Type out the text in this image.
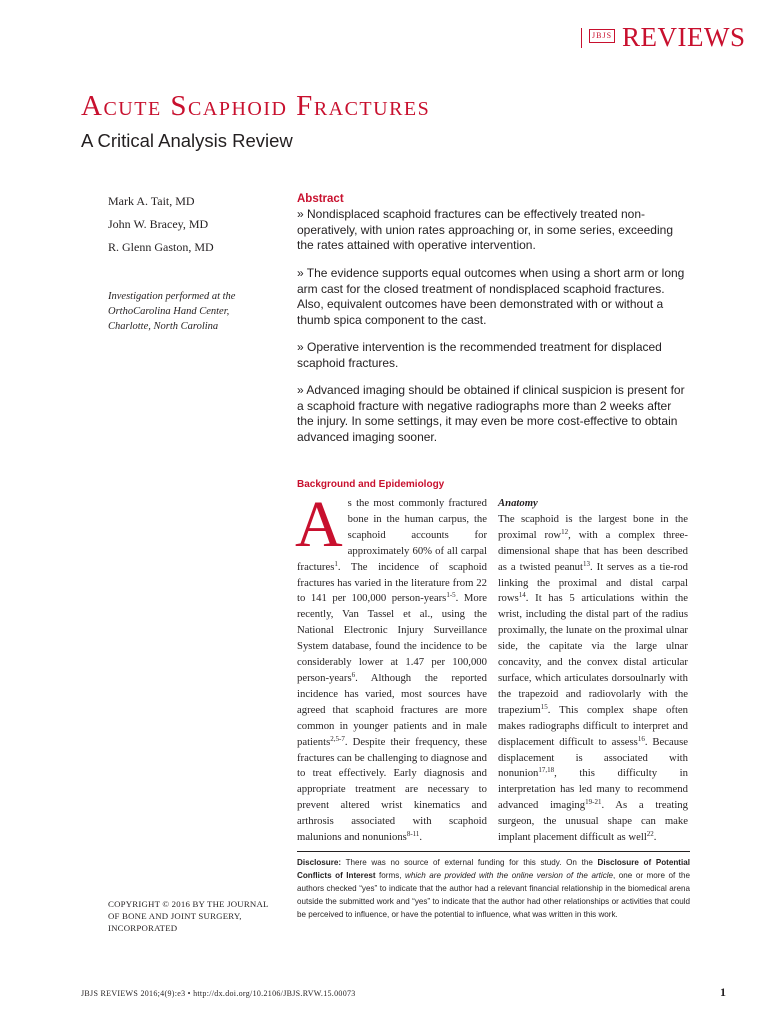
JBJS REVIEWS
Acute Scaphoid Fractures
A Critical Analysis Review
Mark A. Tait, MD
John W. Bracey, MD
R. Glenn Gaston, MD
Investigation performed at the OrthoCarolina Hand Center, Charlotte, North Carolina
Abstract

» Nondisplaced scaphoid fractures can be effectively treated non-operatively, with union rates approaching or, in some series, exceeding the rates attained with operative intervention.

» The evidence supports equal outcomes when using a short arm or long arm cast for the closed treatment of nondisplaced scaphoid fractures. Also, equivalent outcomes have been demonstrated with or without a thumb spica component to the cast.

» Operative intervention is the recommended treatment for displaced scaphoid fractures.

» Advanced imaging should be obtained if clinical suspicion is present for a scaphoid fracture with negative radiographs more than 2 weeks after the injury. In some settings, it may even be more cost-effective to obtain advanced imaging sooner.

Background and Epidemiology
A s the most commonly fractured bone in the human carpus, the scaphoid accounts for approximately 60% of all carpal fractures$^1$. The incidence of scaphoid fractures has varied in the literature from 22 to 141 per 100,000 person-years$^{1-5}$. More recently, Van Tassel et al., using the National Electronic Injury Surveillance System database, found the incidence to be considerably lower at 1.47 per 100,000 person-years$^6$. Although the reported incidence has varied, most sources have agreed that scaphoid fractures are more common in younger patients and in male patients$^{2,5-7}$. Despite their frequency, these fractures can be challenging to diagnose and to treat effectively. Early diagnosis and appropriate treatment are necessary to prevent altered wrist kinematics and arthrosis associated with scaphoid malunions and nonunions$^{8-11}$.
Anatomy
The scaphoid is the largest bone in the proximal row$^{12}$, with a complex three-dimensional shape that has been described as a twisted peanut$^{13}$. It serves as a tie-rod linking the proximal and distal carpal rows$^{14}$. It has 5 articulations within the wrist, including the distal part of the radius proximally, the lunate on the proximal ulnar side, the capitate via the large ulnar concavity, and the convex distal articular surface, which articulates dorsoulnarly with the trapezoid and radiovolarly with the trapezium$^{15}$. This complex shape often makes radiographs difficult to interpret and displacement difficult to assess$^{16}$. Because displacement is associated with nonunion$^{17,18}$, this difficulty in interpretation has led many to recommend advanced imaging$^{19-21}$. As a treating surgeon, the unusual shape can make implant placement difficult as well$^{22}$.
Disclosure: There was no source of external funding for this study. On the Disclosure of Potential Conflicts of Interest forms, which are provided with the online version of the article, one or more of the authors checked “yes” to indicate that the author had a relevant financial relationship in the biomedical arena outside the submitted work and “yes” to indicate that the author had other relationships or activities that could be perceived to influence, or have the potential to influence, what was written in this work.
COPYRIGHT © 2016 BY THE JOURNAL OF BONE AND JOINT SURGERY, INCORPORATED
JBJS REVIEWS 2016;4(9):e3 • http://dx.doi.org/10.2106/JBJS.RVW.15.00073	1
